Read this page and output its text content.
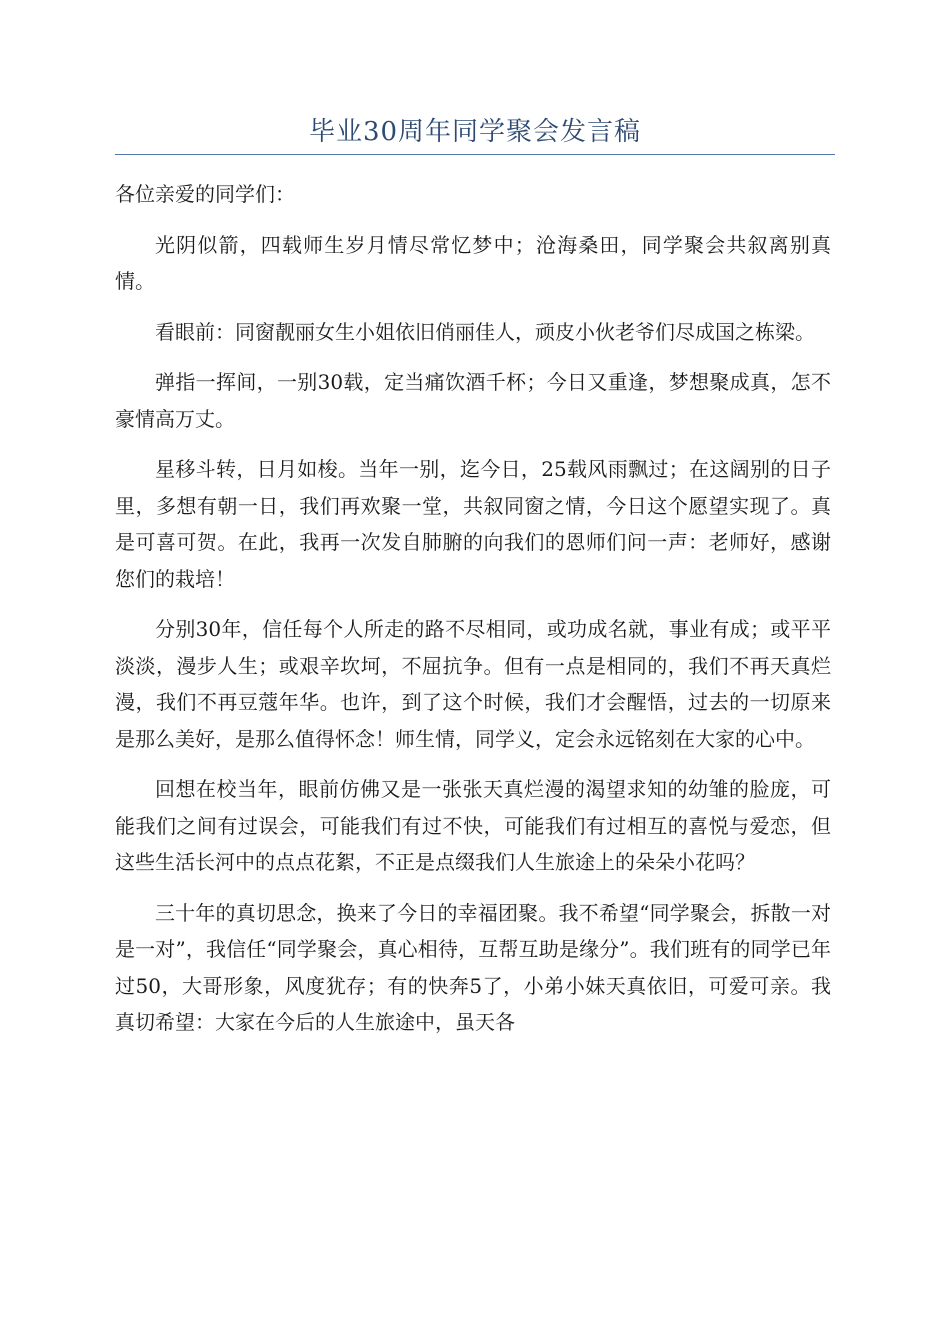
毕业30周年同学聚会发言稿

各位亲爱的同学们：

光阴似箭，四载师生岁月情尽常忆梦中；沧海桑田，同学聚会共叙离别真情。

看眼前：同窗靓丽女生小姐依旧俏丽佳人，顽皮小伙老爷们尽成国之栋梁。

弹指一挥间，一别30载，定当痛饮酒千杯；今日又重逢，梦想聚成真，怎不豪情高万丈。

星移斗转，日月如梭。当年一别，迄今日，25载风雨飘过；在这阔别的日子里，多想有朝一日，我们再欢聚一堂，共叙同窗之情，今日这个愿望实现了。真是可喜可贺。在此，我再一次发自肺腑的向我们的恩师们问一声：老师好，感谢您们的栽培！

分别30年，信任每个人所走的路不尽相同，或功成名就，事业有成；或平平淡淡，漫步人生；或艰辛坎坷，不屈抗争。但有一点是相同的，我们不再天真烂漫，我们不再豆蔻年华。也许，到了这个时候，我们才会醒悟，过去的一切原来是那么美好，是那么值得怀念！师生情，同学义，定会永远铭刻在大家的心中。

回想在校当年，眼前仿佛又是一张张天真烂漫的渴望求知的幼雏的脸庞，可能我们之间有过误会，可能我们有过不快，可能我们有过相互的喜悦与爱恋，但这些生活长河中的点点花絮，不正是点缀我们人生旅途上的朵朵小花吗？

三十年的真切思念，换来了今日的幸福团聚。我不希望“同学聚会，拆散一对是一对”，我信任“同学聚会，真心相待，互帮互助是缘分”。我们班有的同学已年过50，大哥形象，风度犹存；有的快奔5了，小弟小妹天真依旧，可爱可亲。我真切希望：大家在今后的人生旅途中，虽天各
